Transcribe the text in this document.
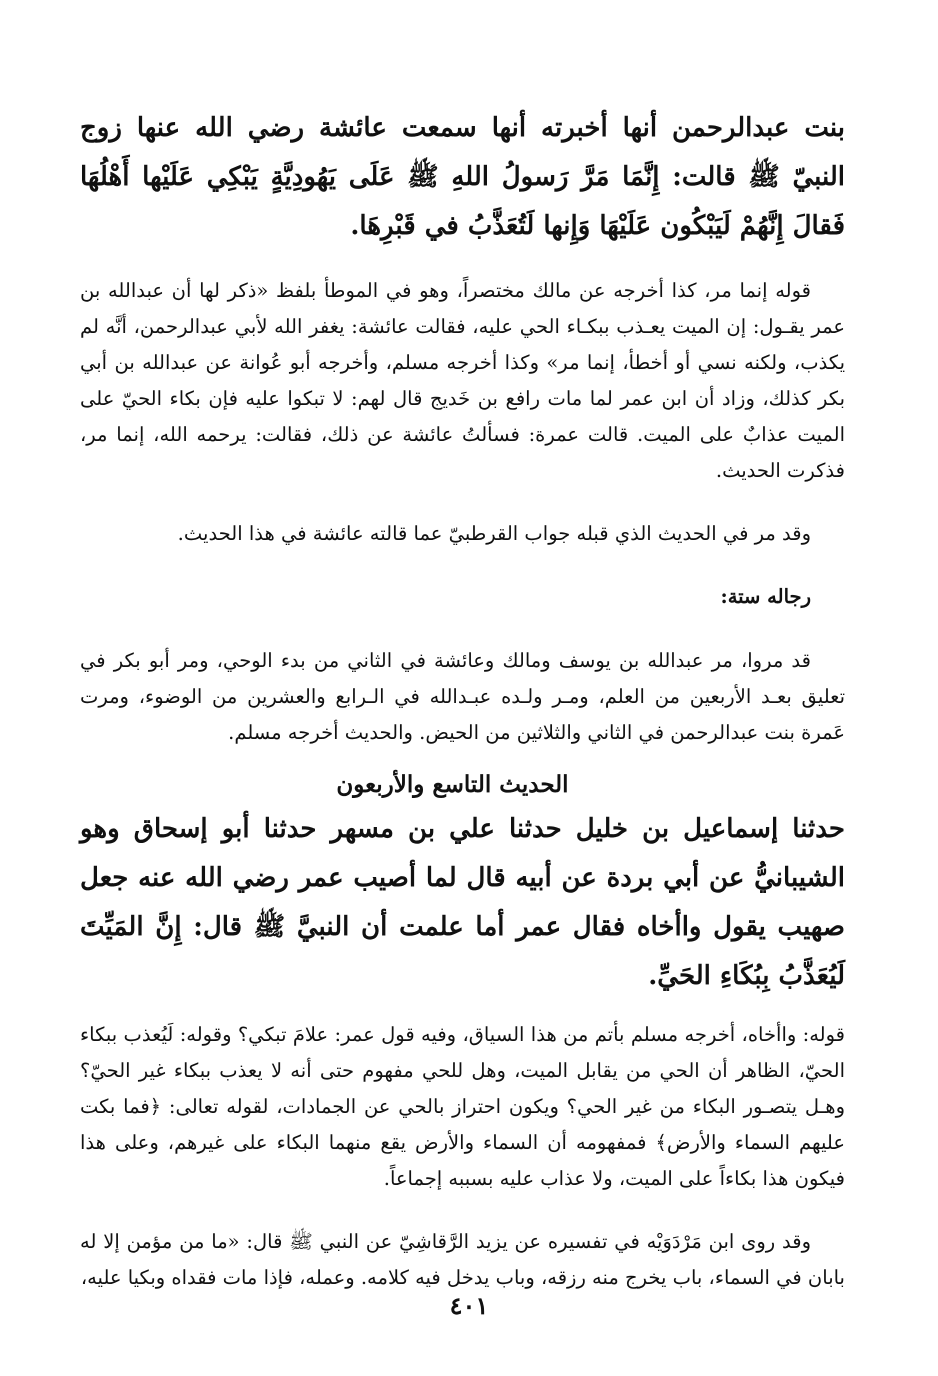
بنت عبدالرحمن أنها أخبرته أنها سمعت عائشة رضي الله عنها زوج النبيّ ﷺ قالت: إِنَّمَا مَرَّ رَسولُ اللهِ ﷺ عَلَى يَهُودِيَّةٍ يَبْكِي عَلَيْها أَهْلُهَا فَقالَ إِنَّهُمْ لَيَبْكُون عَلَيْهَا وَإِنها لَتُعَذَّبُ في قَبْرِهَا.

قوله إنما مر، كذا أخرجه عن مالك مختصراً، وهو في الموطأ بلفظ «ذكر لها أن عبدالله بن عمر يقـول: إن الميت يعـذب ببكـاء الحي عليه، فقالت عائشة: يغفر الله لأبي عبدالرحمن، أنَّه لم يكذب، ولكنه نسي أو أخطأ، إنما مر» وكذا أخرجه مسلم، وأخرجه أبو عُوانة عن عبدالله بن أبي بكر كذلك، وزاد أن ابن عمر لما مات رافع بن خَديج قال لهم: لا تبكوا عليه فإن بكاء الحيّ على الميت عذابٌ على الميت. قالت عمرة: فسألتُ عائشة عن ذلك، فقالت: يرحمه الله، إنما مر، فذكرت الحديث.

وقد مر في الحديث الذي قبله جواب القرطبيّ عما قالته عائشة في هذا الحديث.

رجاله ستة:

قد مروا، مر عبدالله بن يوسف ومالك وعائشة في الثاني من بدء الوحي، ومر أبو بكر في تعليق بعـد الأربعين من العلم، ومـر ولـده عبـدالله في الـرابع والعشرين من الوضوء، ومرت عَمرة بنت عبدالرحمن في الثاني والثلاثين من الحيض. والحديث أخرجه مسلم.

الحديث التاسع والأربعون

حدثنا إسماعيل بن خليل حدثنا علي بن مسهر حدثنا أبو إسحاق وهو الشيبانيُّ عن أبي بردة عن أبيه قال لما أصيب عمر رضي الله عنه جعل صهيب يقول واأخاه فقال عمر أما علمت أن النبيَّ ﷺ قال: إِنَّ المَيِّتَ لَيُعَذَّبُ بِبُكَاءِ الحَيِّ.

قوله: واأخاه، أخرجه مسلم بأتم من هذا السياق، وفيه قول عمر: علامَ تبكي؟ وقوله: لَيُعذب ببكاء الحيّ، الظاهر أن الحي من يقابل الميت، وهل للحي مفهوم حتى أنه لا يعذب ببكاء غير الحيّ؟ وهـل يتصـور البكاء من غير الحي؟ ويكون احتراز بالحي عن الجمادات، لقوله تعالى: ﴿فما بكت عليهم السماء والأرض﴾ فمفهومه أن السماء والأرض يقع منهما البكاء على غيرهم، وعلى هذا فيكون هذا بكاءاً على الميت، ولا عذاب عليه بسببه إجماعاً.

وقد روى ابن مَرْدَوَيْه في تفسيره عن يزيد الرَّقاشِيّ عن النبي ﷺ قال: «ما من مؤمن إلا له بابان في السماء، باب يخرج منه رزقه، وباب يدخل فيه كلامه. وعمله، فإذا مات فقداه وبكيا عليه،

٤٠١
